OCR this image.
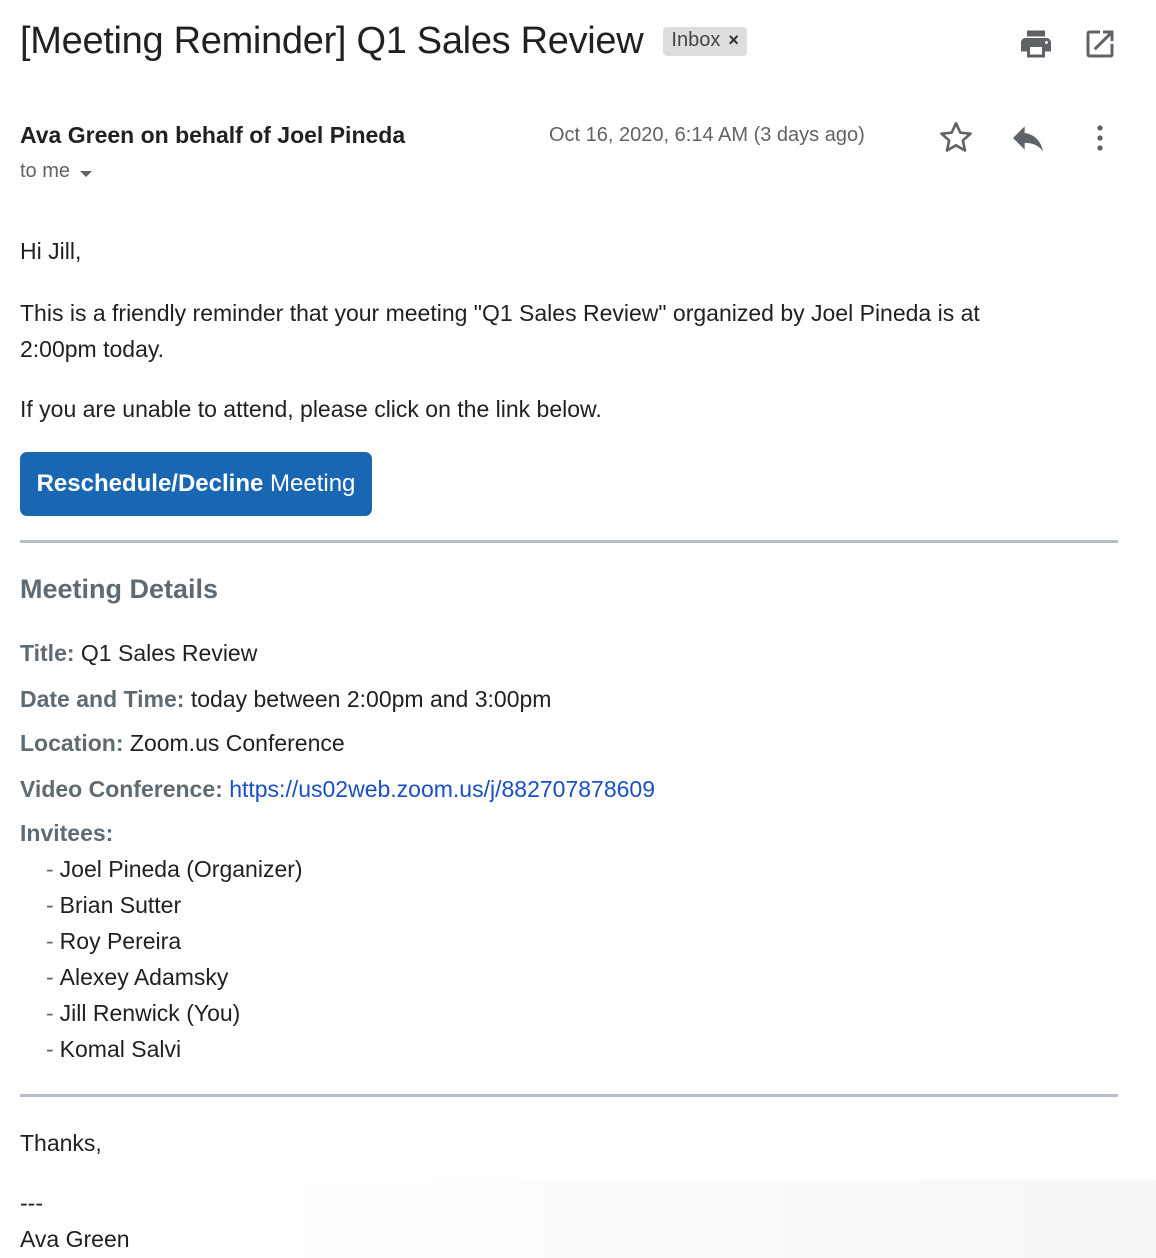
[Meeting Reminder] Q1 Sales Review Inbox ×
Ava Green on behalf of Joel Pineda
to me
Oct 16, 2020, 6:14 AM (3 days ago)
Hi Jill,
This is a friendly reminder that your meeting "Q1 Sales Review" organized by Joel Pineda is at
2:00pm today.
If you are unable to attend, please click on the link below.
Reschedule/Decline Meeting
Meeting Details
Title: Q1 Sales Review
Date and Time: today between 2:00pm and 3:00pm
Location: Zoom.us Conference
Video Conference: https://us02web.zoom.us/j/882707878609
Invitees:
- Joel Pineda (Organizer)
- Brian Sutter
- Roy Pereira
- Alexey Adamsky
- Jill Renwick (You)
- Komal Salvi
Thanks,
---
Ava Green
